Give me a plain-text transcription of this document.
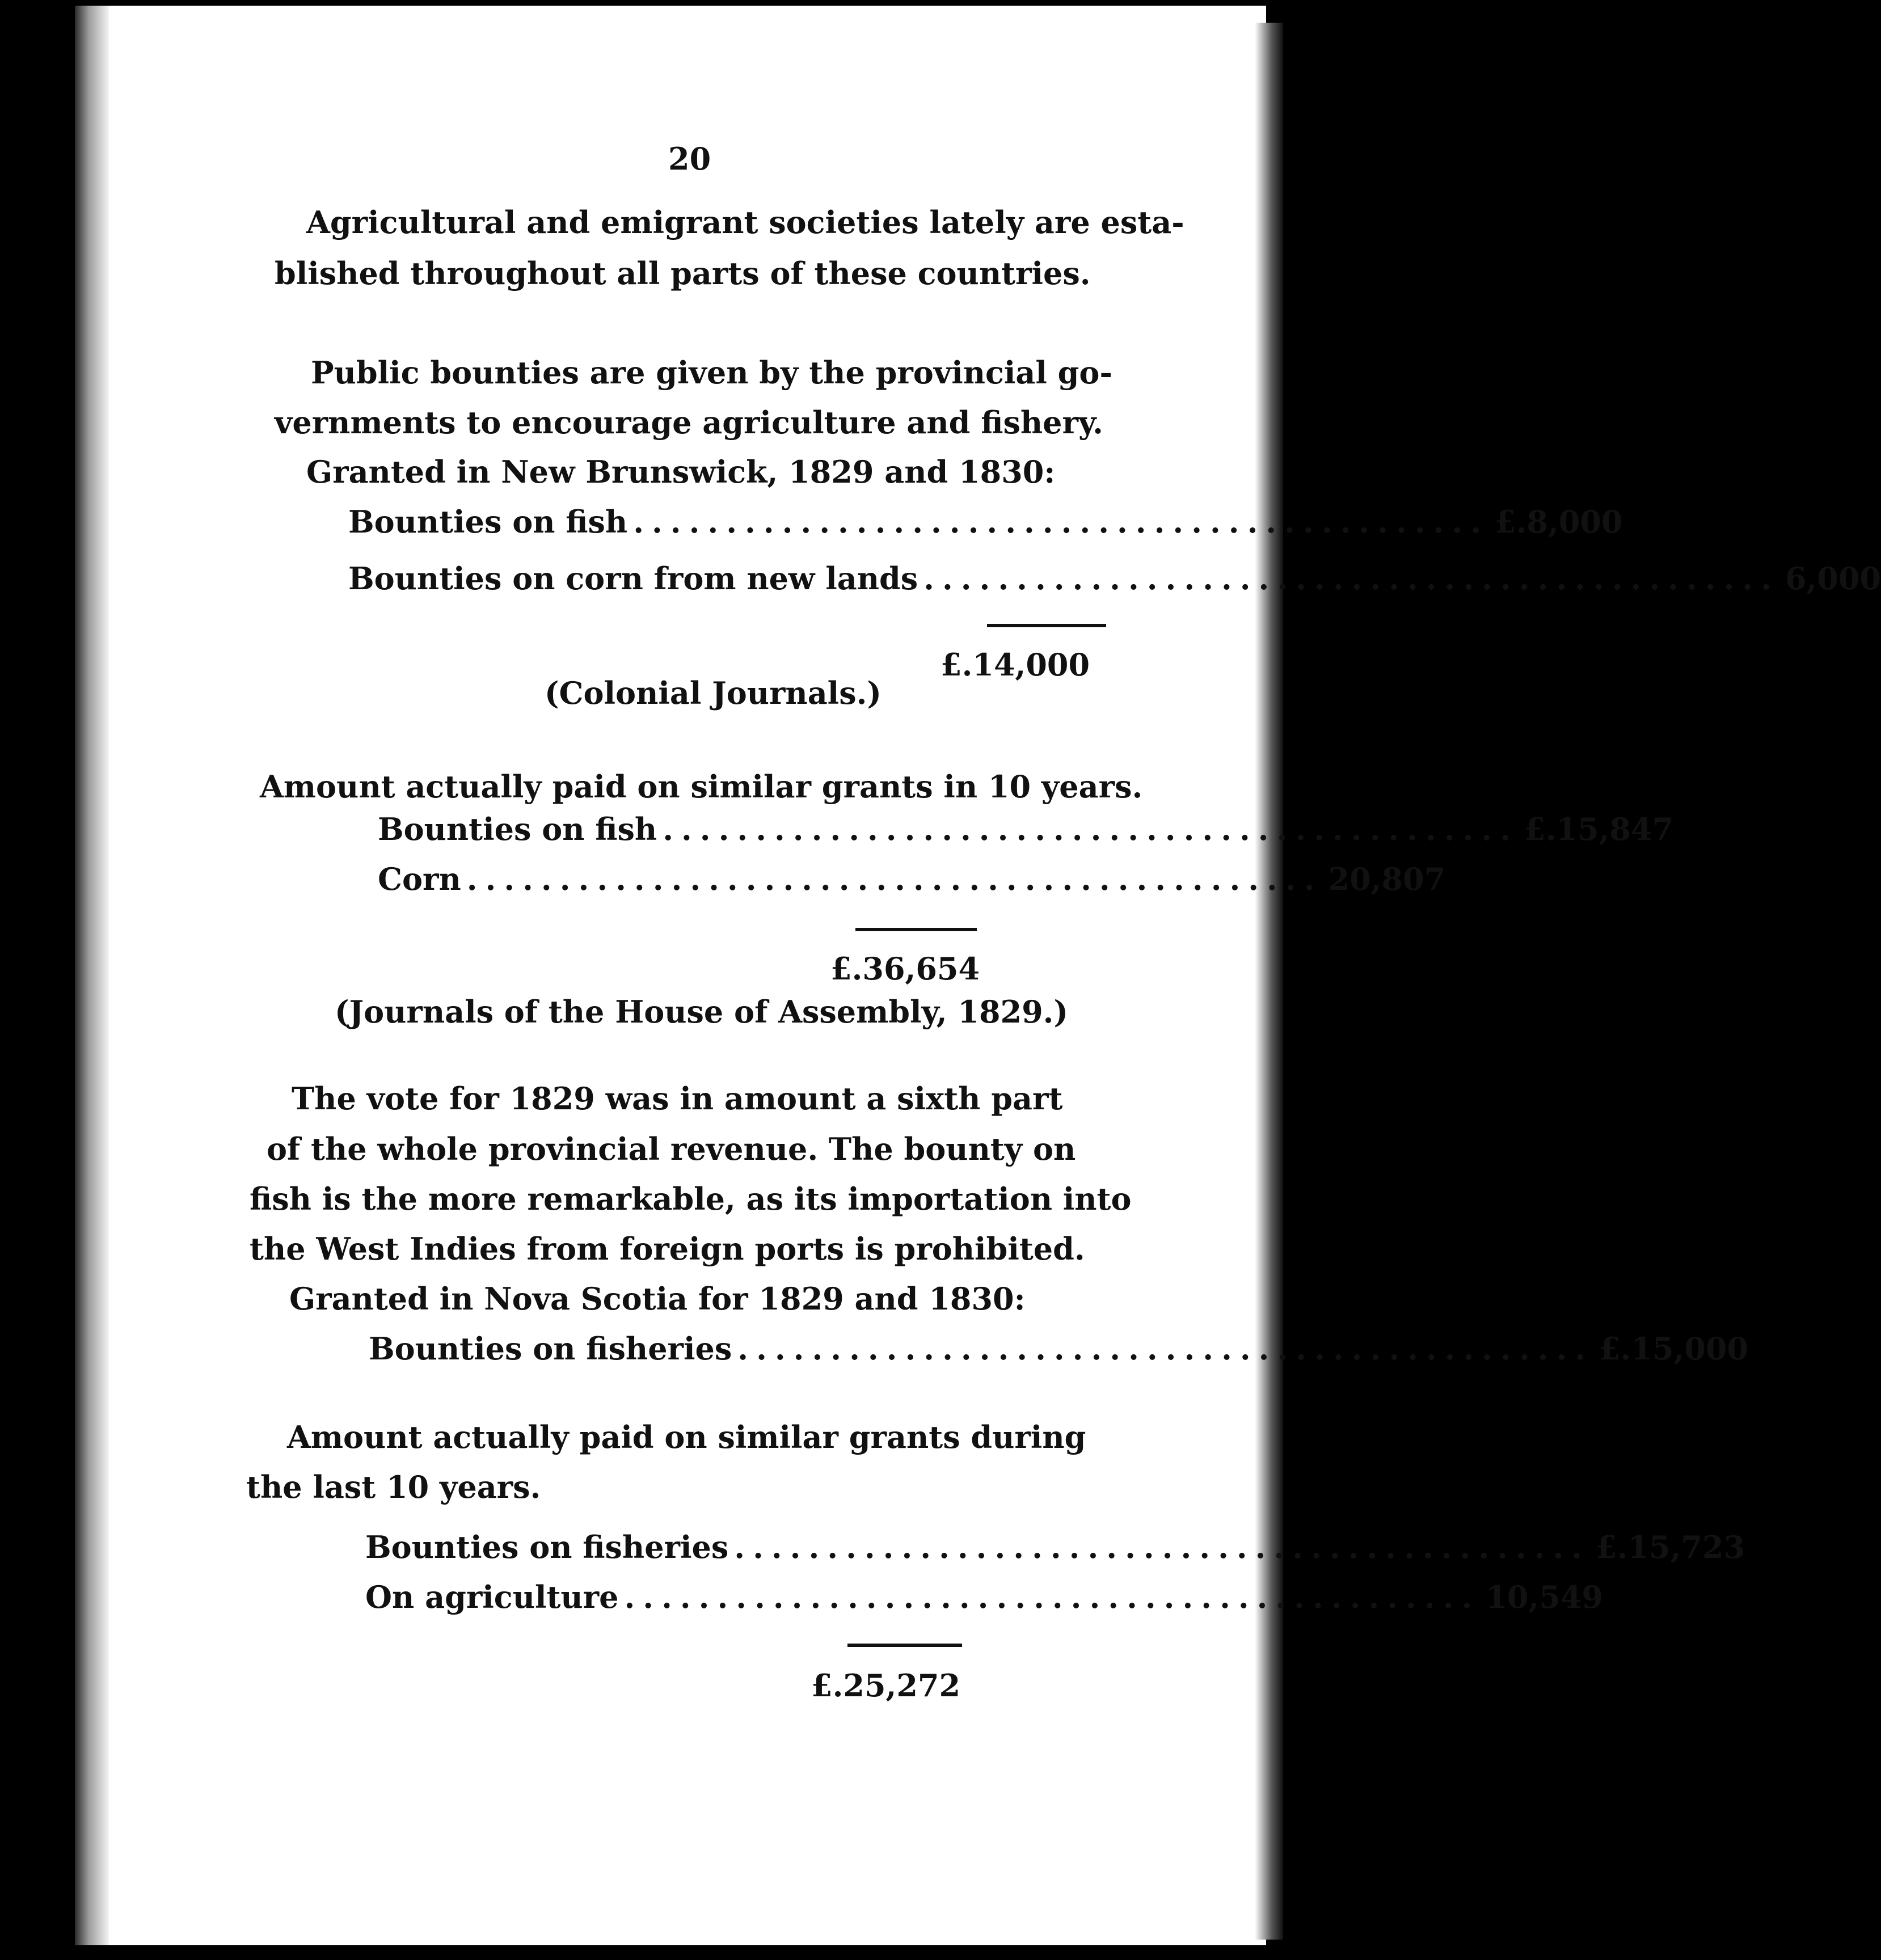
20
Agricultural and emigrant societies lately are esta-
blished throughout all parts of these countries.
Public bounties are given by the provincial go-
vernments to encourage agriculture and fishery.
Granted in New Brunswick, 1829 and 1830:
Bounties on fish .............................................. £.8,000
Bounties on corn from new lands .............................................. 6,000
£.14,000
(Colonial Journals.)
Amount actually paid on similar grants in 10 years.
Bounties on fish .............................................. £.15,847
Corn .............................................. 20,807
£.36,654
(Journals of the House of Assembly, 1829.)
The vote for 1829 was in amount a sixth part
of the whole provincial revenue. The bounty on
fish is the more remarkable, as its importation into
the West Indies from foreign ports is prohibited.
Granted in Nova Scotia for 1829 and 1830:
Bounties on fisheries .............................................. £.15,000
Amount actually paid on similar grants during
the last 10 years.
Bounties on fisheries .............................................. £.15,723
On agriculture .............................................. 10,549
£.25,272
